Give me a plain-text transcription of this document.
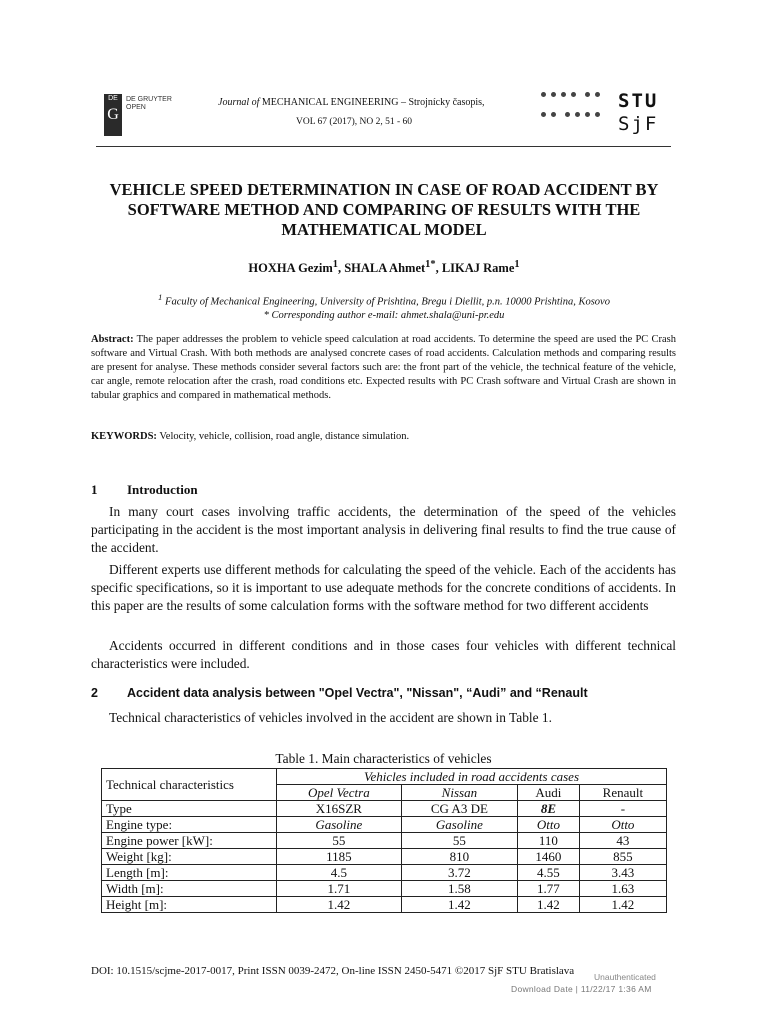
DE
G
DE GRUYTER
OPEN	Journal of MECHANICAL ENGINEERING – Strojnícky časopis,
VOL 67 (2017), NO 2, 51 - 60

STU
SjF
VEHICLE SPEED DETERMINATION IN CASE OF ROAD ACCIDENT BY SOFTWARE METHOD AND COMPARING OF RESULTS WITH THE MATHEMATICAL MODEL
HOXHA Gezim$^1$, SHALA Ahmet$^{1*}$, LIKAJ Rame$^1$
$^1$ Faculty of Mechanical Engineering, University of Prishtina, Bregu i Diellit, p.n. 10000 Prishtina, Kosovo
* Corresponding author e-mail: ahmet.shala@uni-pr.edu
Abstract: The paper addresses the problem to vehicle speed calculation at road accidents. To determine the speed are used the PC Crash software and Virtual Crash. With both methods are analysed concrete cases of road accidents. Calculation methods and comparing results are present for analyse. These methods consider several factors such are: the front part of the vehicle, the technical feature of the vehicle, car angle, remote relocation after the crash, road conditions etc. Expected results with PC Crash software and Virtual Crash are shown in tabular graphics and compared in mathematical methods.
KEYWORDS: Velocity, vehicle, collision, road angle, distance simulation.
1 Introduction
In many court cases involving traffic accidents, the determination of the speed of the vehicles participating in the accident is the most important analysis in delivering final results to find the true cause of the accident.
Different experts use different methods for calculating the speed of the vehicle. Each of the accidents has specific specifications, so it is important to use adequate methods for the concrete conditions of accidents. In this paper are the results of some calculation forms with the software method for two different accidents
Accidents occurred in different conditions and in those cases four vehicles with different technical characteristics were included.
2 Accident data analysis between "Opel Vectra", "Nissan", “Audi” and “Renault
Technical characteristics of vehicles involved in the accident are shown in Table 1.
Table 1. Main characteristics of vehicles
Technical characteristics	Vehicles included in road accidents cases			
	Opel Vectra	Nissan	Audi	Renault
Type	X16SZR	CG A3 DE	8E	-
Engine type:	Gasoline	Gasoline	Otto	Otto
Engine power [kW]:	55	55	110	43
Weight [kg]:	1185	810	1460	855
Length [m]:	4.5	3.72	4.55	3.43
Width [m]:	1.71	1.58	1.77	1.63
Height [m]:	1.42	1.42	1.42	1.42
DOI: 10.1515/scjme-2017-0017, Print ISSN 0039-2472, On-line ISSN 2450-5471 ©2017 SjF STU Bratislava Unauthenticated
Download Date | 11/22/17 1:36 AM
